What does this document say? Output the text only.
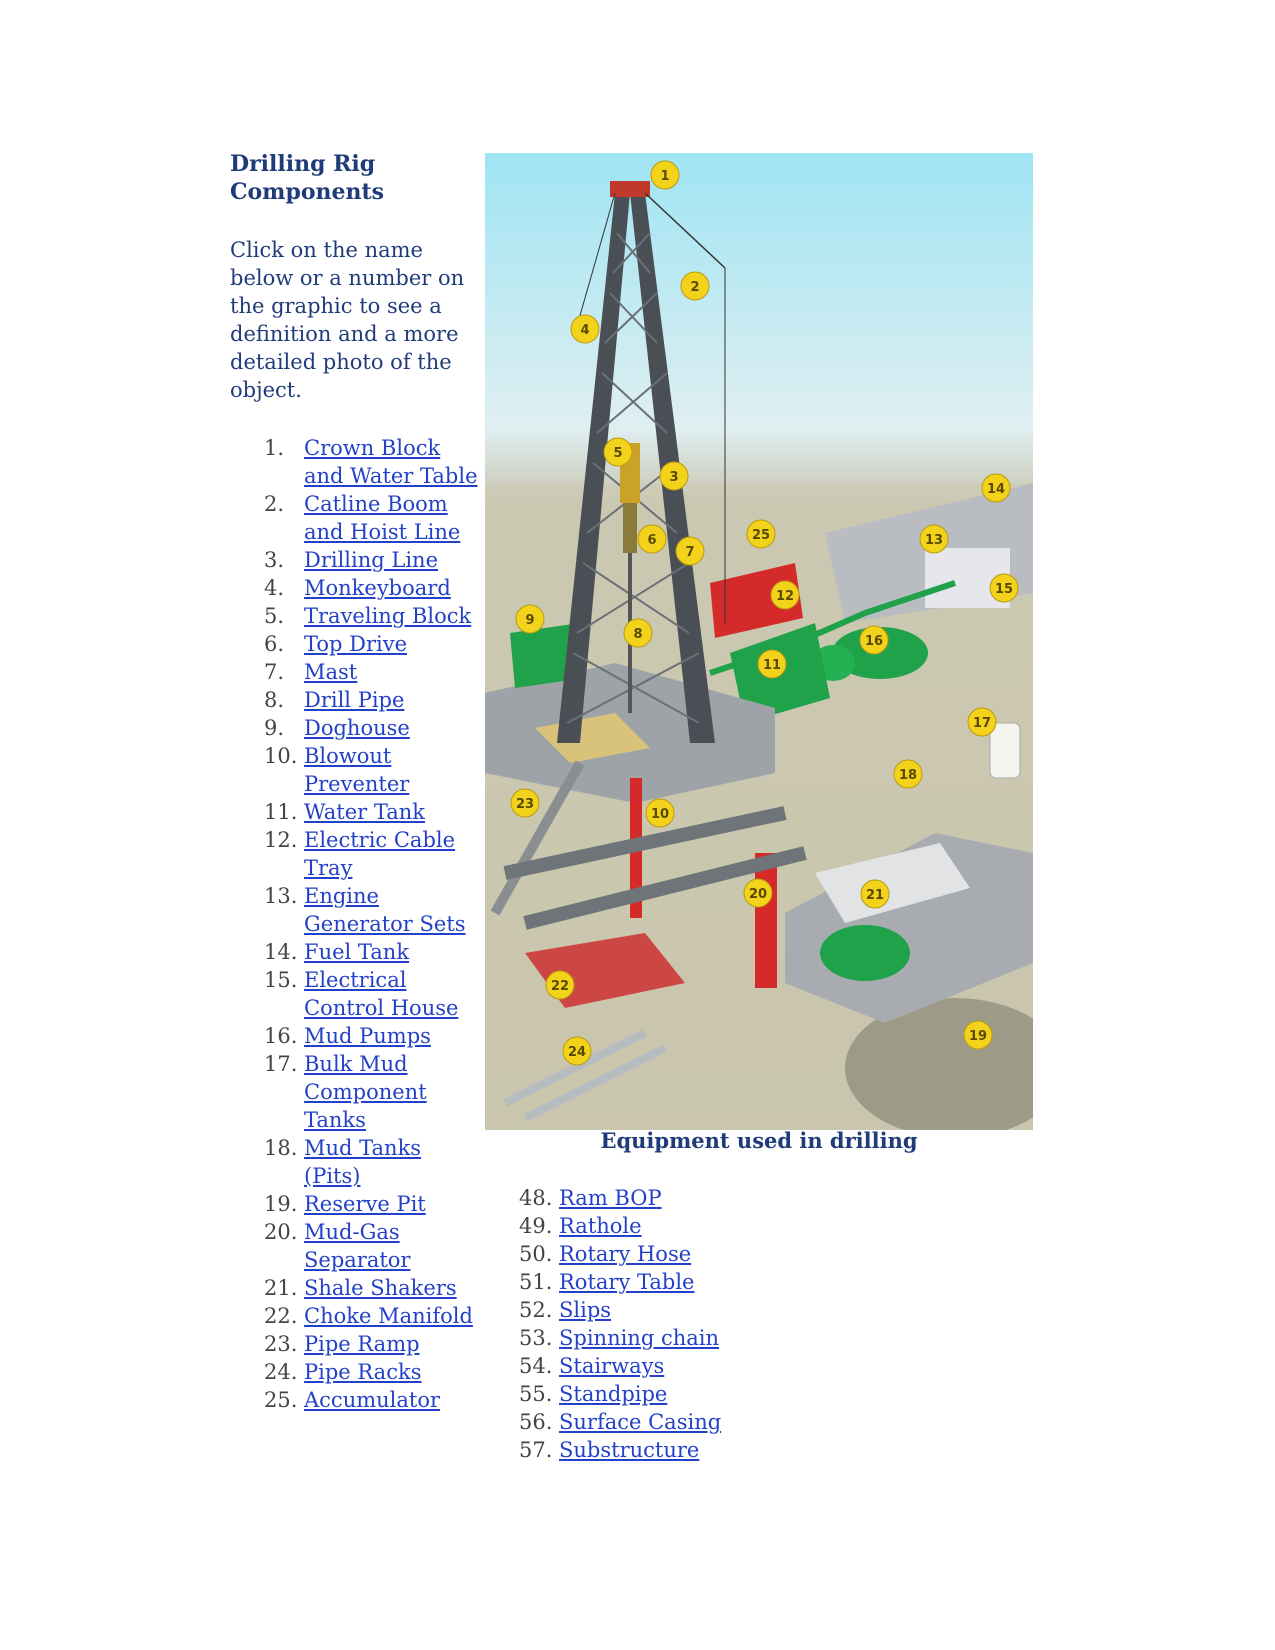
Drilling Rig
Components
Click on the name below or a number on the graphic to see a definition and a more detailed photo of the object.
1. Crown Block and Water Table
2. Catline Boom and Hoist Line
3. Drilling Line
4. Monkeyboard
5. Traveling Block
6. Top Drive
7. Mast
8. Drill Pipe
9. Doghouse
10. Blowout Preventer
11. Water Tank
12. Electric Cable Tray
13. Engine Generator Sets
14. Fuel Tank
15. Electrical Control House
16. Mud Pumps
17. Bulk Mud Component Tanks
18. Mud Tanks (Pits)
19. Reserve Pit
20. Mud-Gas Separator
21. Shale Shakers
22. Choke Manifold
23. Pipe Ramp
24. Pipe Racks
25. Accumulator
1
2
3
4
5
6
7
8
9
10
11
12
13
14
15
16
17
18
19
20	21
22
23
24
25
Equipment used in drilling
48. Ram BOP
49. Rathole
50. Rotary Hose
51. Rotary Table
52. Slips
53. Spinning chain
54. Stairways
55. Standpipe
56. Surface Casing
57. Substructure
